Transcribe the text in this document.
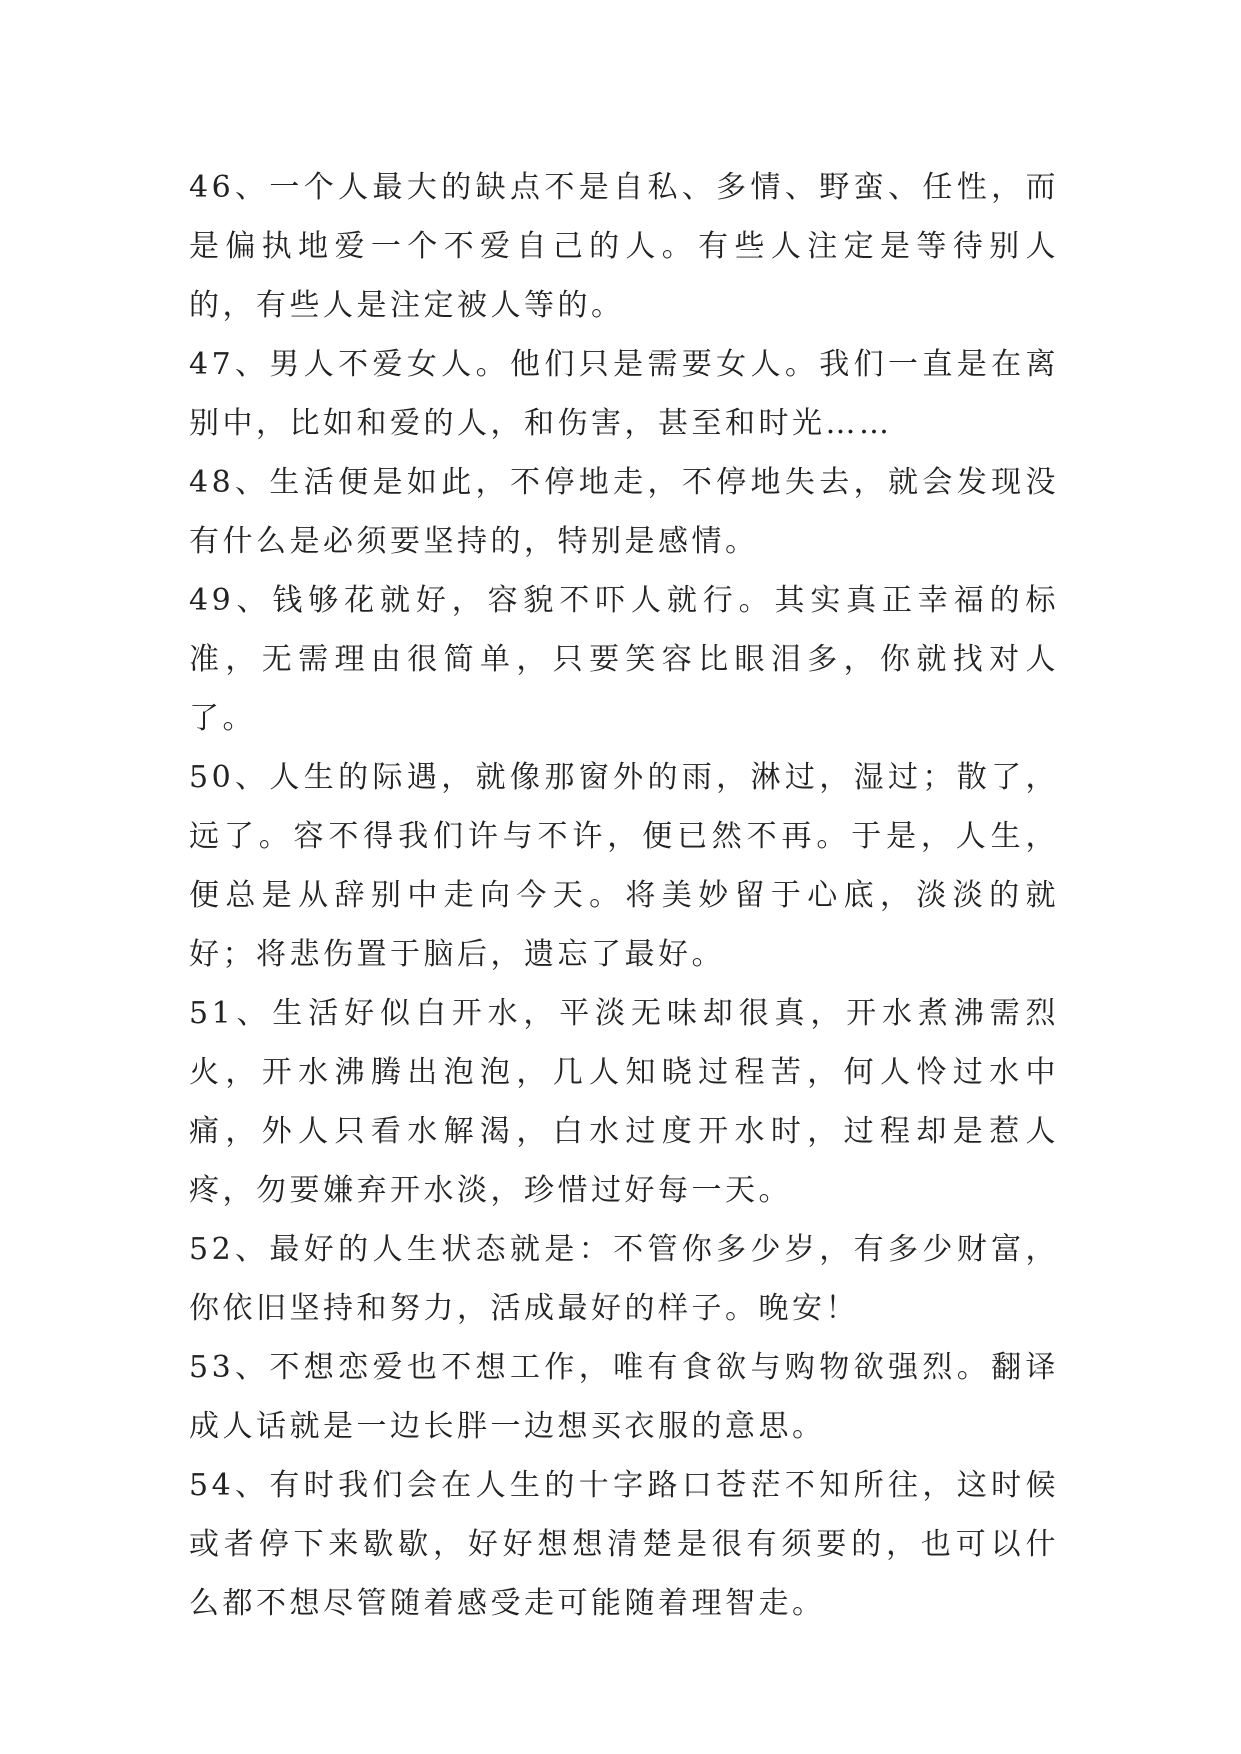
46、一个人最大的缺点不是自私、多情、野蛮、任性，而是偏执地爱一个不爱自己的人。有些人注定是等待别人的，有些人是注定被人等的。

47、男人不爱女人。他们只是需要女人。我们一直是在离别中，比如和爱的人，和伤害，甚至和时光……

48、生活便是如此，不停地走，不停地失去，就会发现没有什么是必须要坚持的，特别是感情。

49、钱够花就好，容貌不吓人就行。其实真正幸福的标准，无需理由很简单，只要笑容比眼泪多，你就找对人了。

50、人生的际遇，就像那窗外的雨，淋过，湿过；散了，远了。容不得我们许与不许，便已然不再。于是，人生，便总是从辞别中走向今天。将美妙留于心底，淡淡的就好；将悲伤置于脑后，遗忘了最好。

51、生活好似白开水，平淡无味却很真，开水煮沸需烈火，开水沸腾出泡泡，几人知晓过程苦，何人怜过水中痛，外人只看水解渴，白水过度开水时，过程却是惹人疼，勿要嫌弃开水淡，珍惜过好每一天。

52、最好的人生状态就是：不管你多少岁，有多少财富，你依旧坚持和努力，活成最好的样子。晚安！

53、不想恋爱也不想工作，唯有食欲与购物欲强烈。翻译成人话就是一边长胖一边想买衣服的意思。

54、有时我们会在人生的十字路口苍茫不知所往，这时候或者停下来歇歇，好好想想清楚是很有须要的，也可以什么都不想尽管随着感受走可能随着理智走。
